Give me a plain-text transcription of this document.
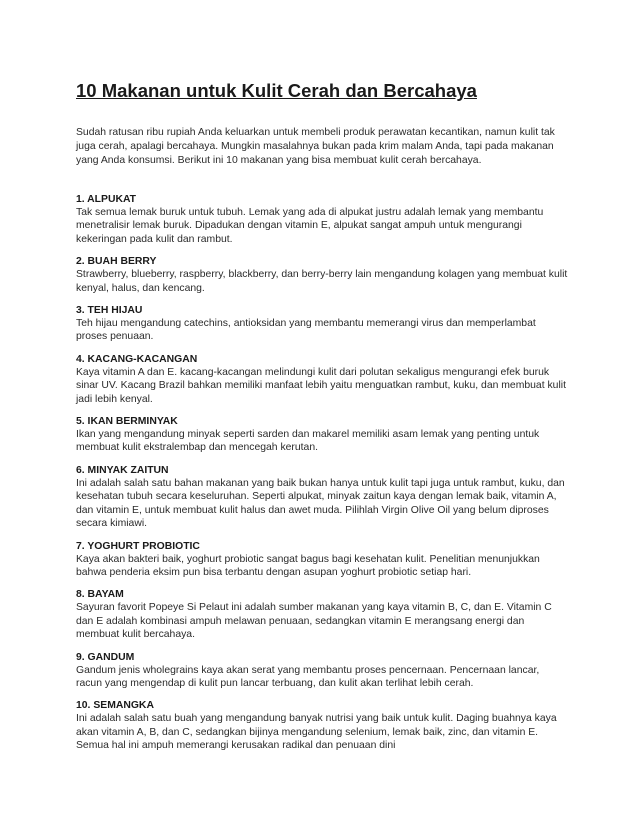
10 Makanan untuk Kulit Cerah dan Bercahaya
Sudah ratusan ribu rupiah Anda keluarkan untuk membeli produk perawatan kecantikan, namun kulit tak juga cerah, apalagi bercahaya. Mungkin masalahnya bukan pada krim malam Anda, tapi pada makanan yang Anda konsumsi. Berikut ini 10 makanan yang bisa membuat kulit cerah bercahaya.
1. ALPUKAT
Tak semua lemak buruk untuk tubuh. Lemak yang ada di alpukat justru adalah lemak yang membantu menetralisir lemak buruk. Dipadukan dengan vitamin E, alpukat sangat ampuh untuk mengurangi kekeringan pada kulit dan rambut.
2. BUAH BERRY
Strawberry, blueberry, raspberry, blackberry, dan berry-berry lain mengandung kolagen yang membuat kulit kenyal, halus, dan kencang.
3. TEH HIJAU
Teh hijau mengandung catechins, antioksidan yang membantu memerangi virus dan memperlambat proses penuaan.
4. KACANG-KACANGAN
Kaya vitamin A dan E. kacang-kacangan melindungi kulit dari polutan sekaligus mengurangi efek buruk sinar UV. Kacang Brazil bahkan memiliki manfaat lebih yaitu menguatkan rambut, kuku, dan membuat kulit jadi lebih kenyal.
5. IKAN BERMINYAK
Ikan yang mengandung minyak seperti sarden dan makarel memiliki asam lemak yang penting untuk membuat kulit ekstralembap dan mencegah kerutan.
6. MINYAK ZAITUN
Ini adalah salah satu bahan makanan yang baik bukan hanya untuk kulit tapi juga untuk rambut, kuku, dan kesehatan tubuh secara keseluruhan. Seperti alpukat, minyak zaitun kaya dengan lemak baik, vitamin A, dan vitamin E, untuk membuat kulit halus dan awet muda. Pilihlah Virgin Olive Oil yang belum diproses secara kimiawi.
7. YOGHURT PROBIOTIC
Kaya akan bakteri baik, yoghurt probiotic sangat bagus bagi kesehatan kulit. Penelitian menunjukkan bahwa penderia eksim pun bisa terbantu dengan asupan yoghurt probiotic setiap hari.
8. BAYAM
Sayuran favorit Popeye Si Pelaut ini adalah sumber makanan yang kaya vitamin B, C, dan E. Vitamin C dan E adalah kombinasi ampuh melawan penuaan, sedangkan vitamin E merangsang energi dan membuat kulit bercahaya.
9. GANDUM
Gandum jenis wholegrains kaya akan serat yang membantu proses pencernaan. Pencernaan lancar, racun yang mengendap di kulit pun lancar terbuang, dan kulit akan terlihat lebih cerah.
10. SEMANGKA
Ini adalah salah satu buah yang mengandung banyak nutrisi yang baik untuk kulit. Daging buahnya kaya akan vitamin A, B, dan C, sedangkan bijinya mengandung selenium, lemak baik, zinc, dan vitamin E. Semua hal ini ampuh memerangi kerusakan radikal dan penuaan dini
